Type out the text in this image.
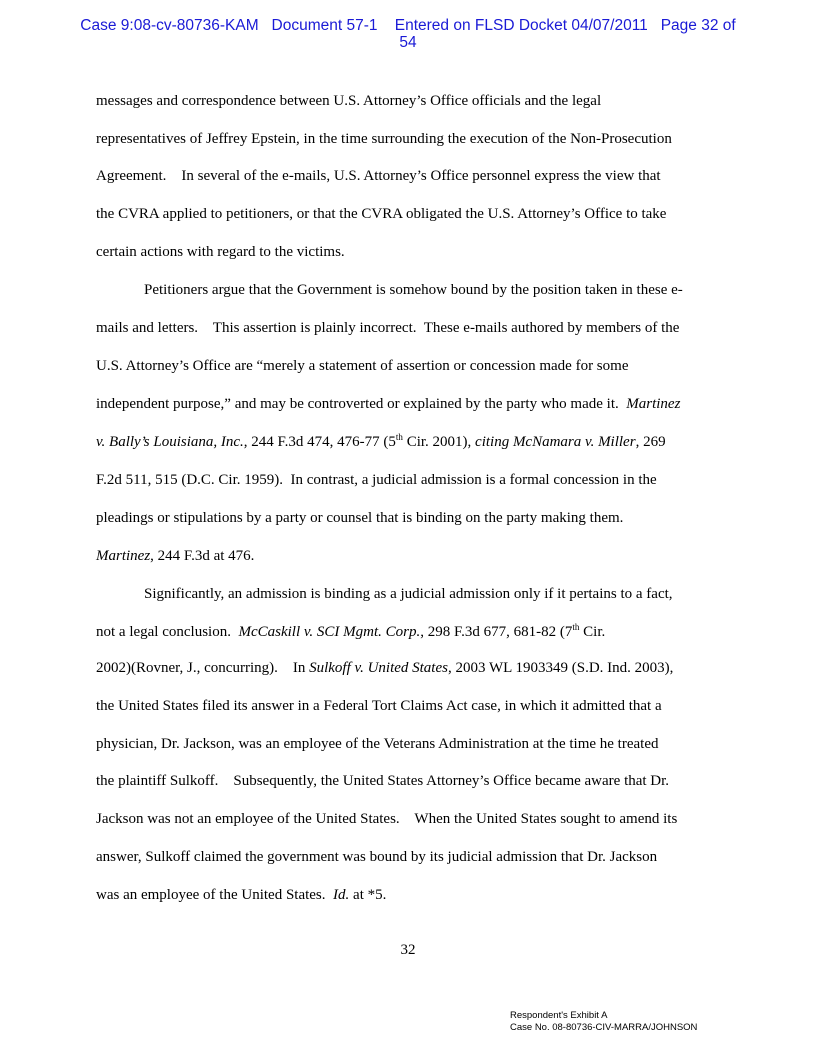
Case 9:08-cv-80736-KAM   Document 57-1    Entered on FLSD Docket 04/07/2011   Page 32 of
54
messages and correspondence between U.S. Attorney’s Office officials and the legal
representatives of Jeffrey Epstein, in the time surrounding the execution of the Non-Prosecution
Agreement.    In several of the e-mails, U.S. Attorney’s Office personnel express the view that
the CVRA applied to petitioners, or that the CVRA obligated the U.S. Attorney’s Office to take
certain actions with regard to the victims.
Petitioners argue that the Government is somehow bound by the position taken in these e-
mails and letters.    This assertion is plainly incorrect.  These e-mails authored by members of the
U.S. Attorney’s Office are “merely a statement of assertion or concession made for some
independent purpose,” and may be controverted or explained by the party who made it.  Martinez
v. Bally’s Louisiana, Inc., 244 F.3d 474, 476-77 (5th Cir. 2001), citing McNamara v. Miller, 269
F.2d 511, 515 (D.C. Cir. 1959).  In contrast, a judicial admission is a formal concession in the
pleadings or stipulations by a party or counsel that is binding on the party making them.
Martinez, 244 F.3d at 476.
Significantly, an admission is binding as a judicial admission only if it pertains to a fact,
not a legal conclusion.  McCaskill v. SCI Mgmt. Corp., 298 F.3d 677, 681-82 (7th Cir.
2002)(Rovner, J., concurring).    In Sulkoff v. United States, 2003 WL 1903349 (S.D. Ind. 2003),
the United States filed its answer in a Federal Tort Claims Act case, in which it admitted that a
physician, Dr. Jackson, was an employee of the Veterans Administration at the time he treated
the plaintiff Sulkoff.    Subsequently, the United States Attorney’s Office became aware that Dr.
Jackson was not an employee of the United States.    When the United States sought to amend its
answer, Sulkoff claimed the government was bound by its judicial admission that Dr. Jackson
was an employee of the United States.  Id. at *5.
32
Respondent's Exhibit A
Case No. 08-80736-CIV-MARRA/JOHNSON
